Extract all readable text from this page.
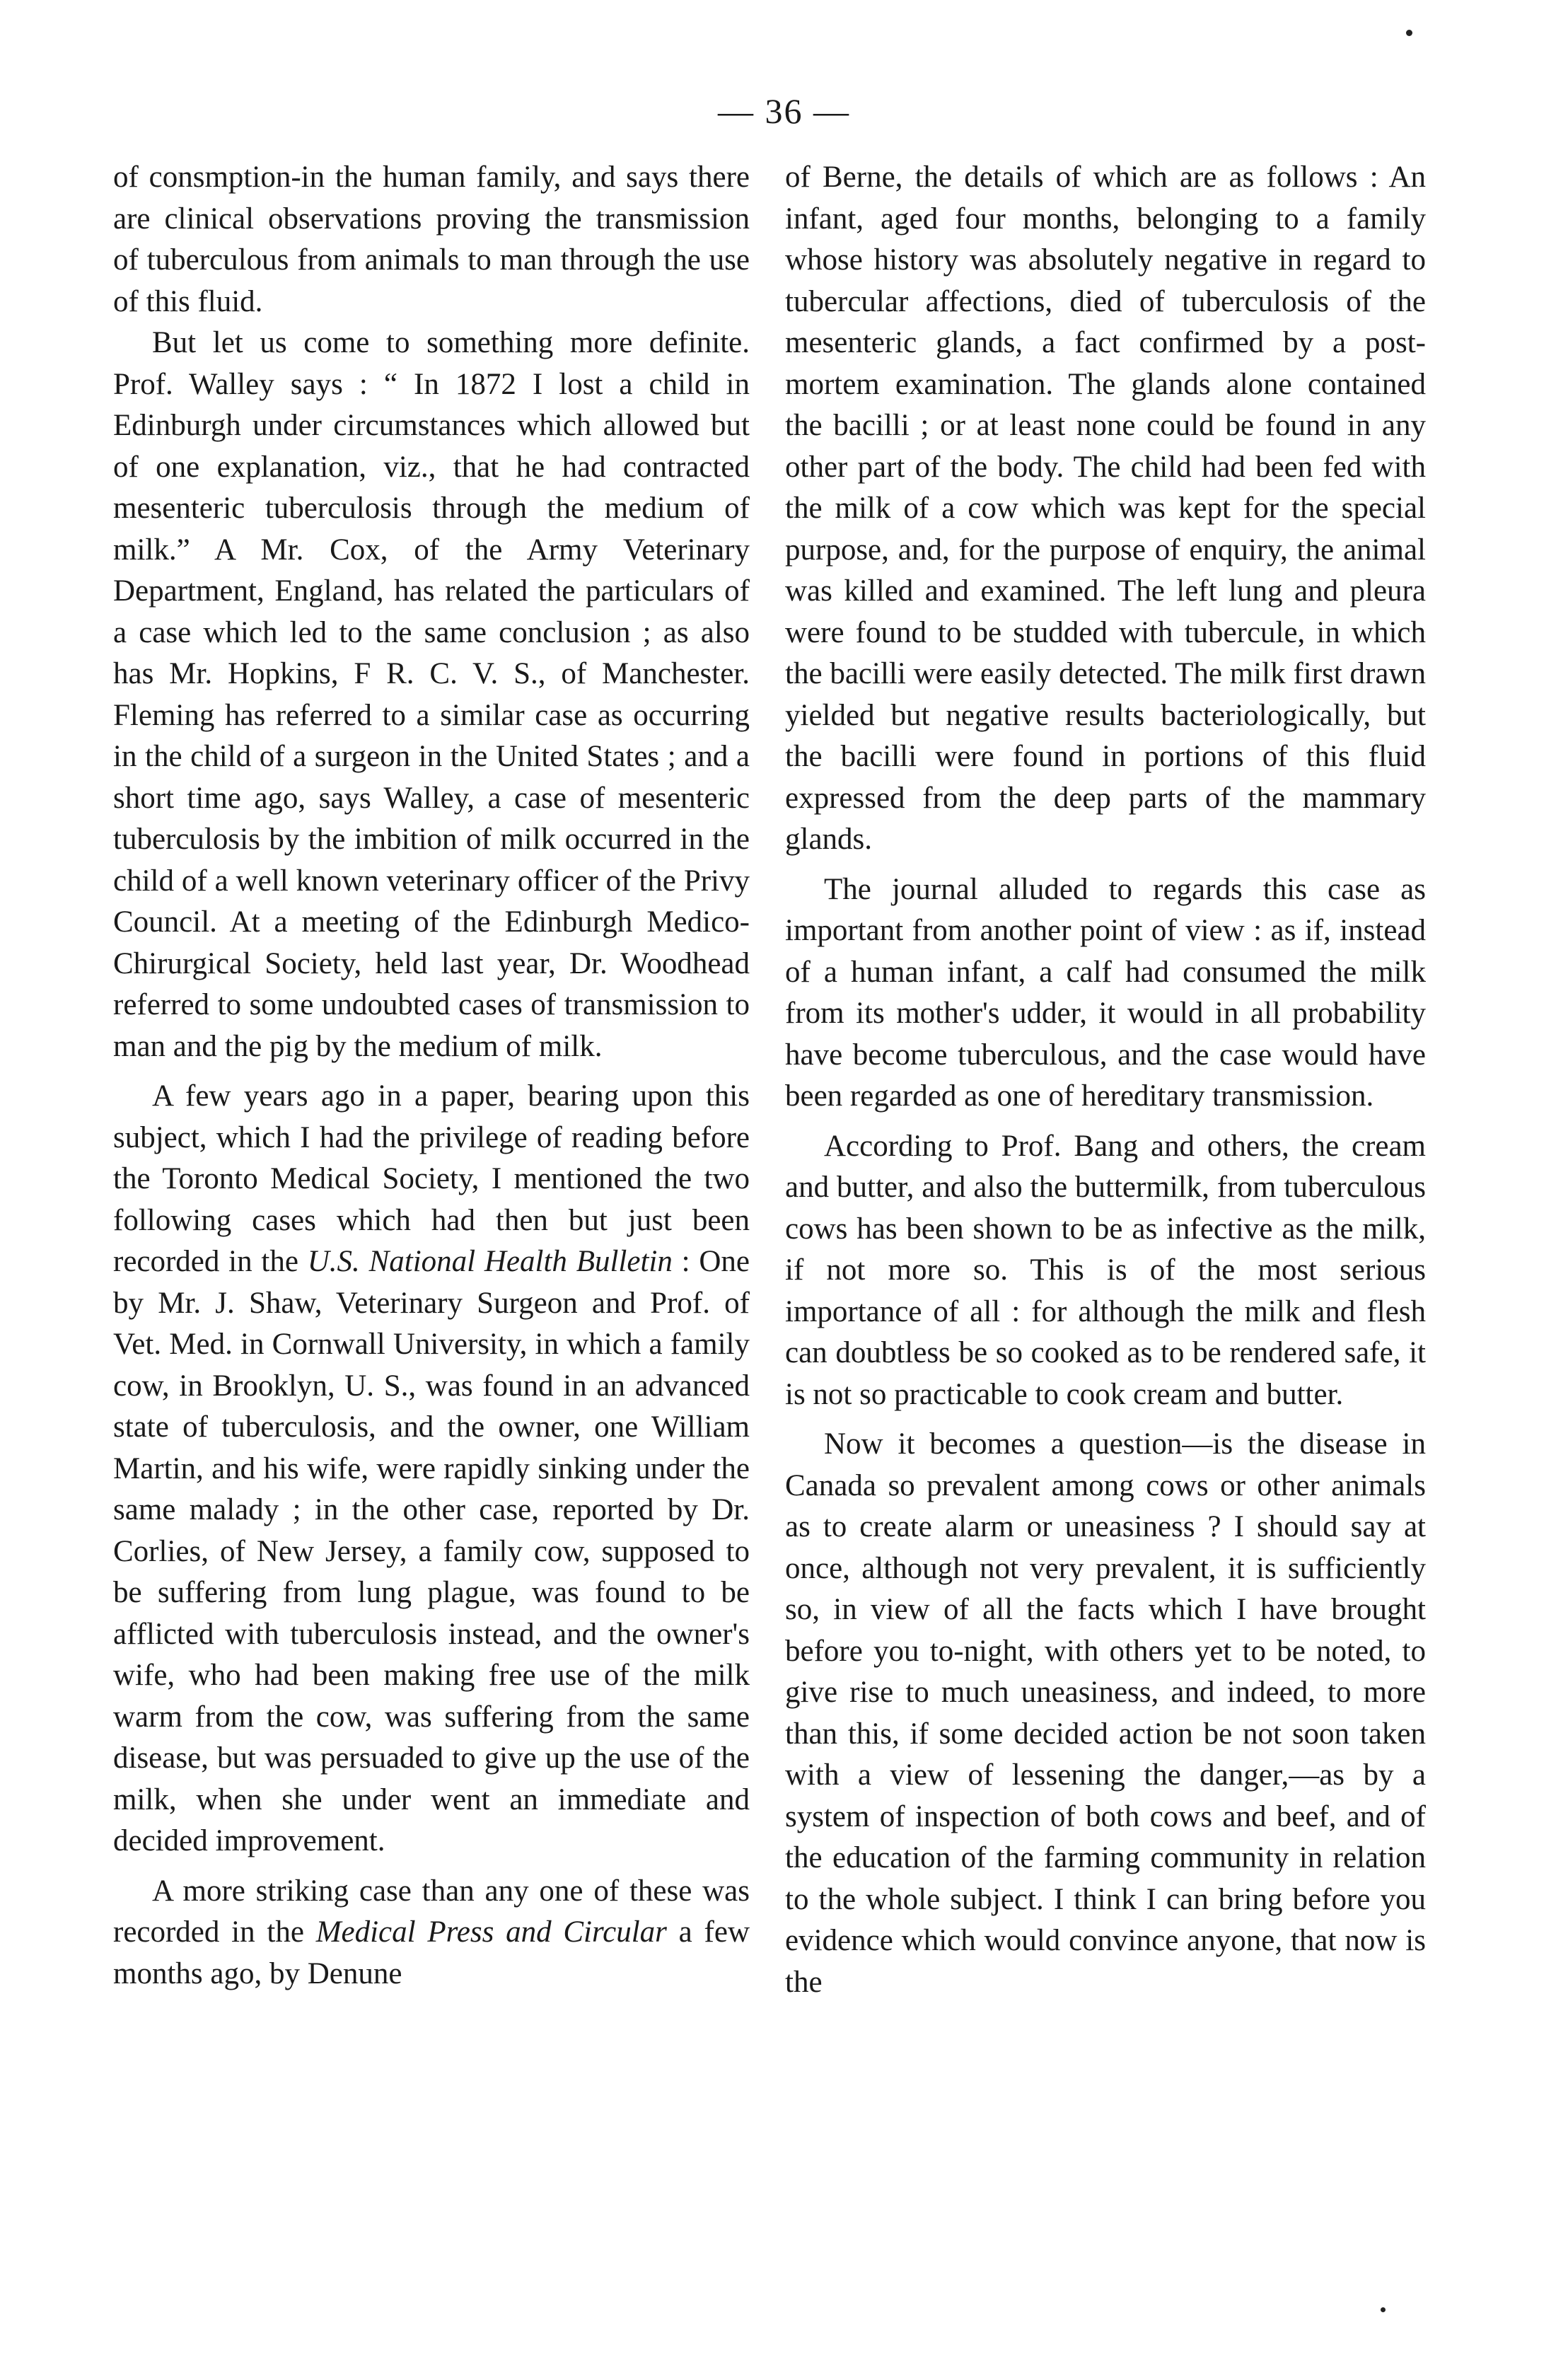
— 36 —

of consmption-in the human family, and says there are clinical observations proving the transmission of tuberculous from animals to man through the use of this fluid.

But let us come to something more definite. Prof. Walley says : “ In 1872 I lost a child in Edinburgh under circumstances which allowed but of one explanation, viz., that he had contracted mesenteric tuberculosis through the medium of milk.” A Mr. Cox, of the Army Veterinary Department, England, has related the particulars of a case which led to the same conclusion ; as also has Mr. Hopkins, F R. C. V. S., of Manchester. Fleming has referred to a similar case as occurring in the child of a surgeon in the United States ; and a short time ago, says Walley, a case of mesenteric tuberculosis by the imbition of milk occurred in the child of a well known veterinary officer of the Privy Council. At a meeting of the Edinburgh Medico-Chirurgical Society, held last year, Dr. Woodhead referred to some undoubted cases of transmission to man and the pig by the medium of milk.

A few years ago in a paper, bearing upon this subject, which I had the privilege of reading before the Toronto Medical Society, I mentioned the two following cases which had then but just been recorded in the U.S. National Health Bulletin : One by Mr. J. Shaw, Veterinary Surgeon and Prof. of Vet. Med. in Cornwall University, in which a family cow, in Brooklyn, U. S., was found in an advanced state of tuberculosis, and the owner, one William Martin, and his wife, were rapidly sinking under the same malady ; in the other case, reported by Dr. Corlies, of New Jersey, a family cow, supposed to be suffering from lung plague, was found to be afflicted with tuberculosis instead, and the owner's wife, who had been making free use of the milk warm from the cow, was suffering from the same disease, but was persuaded to give up the use of the milk, when she under went an immediate and decided improvement.

A more striking case than any one of these was recorded in the Medical Press and Circular a few months ago, by Denune

of Berne, the details of which are as follows : An infant, aged four months, belonging to a family whose history was absolutely negative in regard to tubercular affections, died of tuberculosis of the mesenteric glands, a fact confirmed by a post-mortem examination. The glands alone contained the bacilli ; or at least none could be found in any other part of the body. The child had been fed with the milk of a cow which was kept for the special purpose, and, for the purpose of enquiry, the animal was killed and examined. The left lung and pleura were found to be studded with tubercule, in which the bacilli were easily detected. The milk first drawn yielded but negative results bacteriologically, but the bacilli were found in portions of this fluid expressed from the deep parts of the mammary glands.

The journal alluded to regards this case as important from another point of view : as if, instead of a human infant, a calf had consumed the milk from its mother's udder, it would in all probability have become tuberculous, and the case would have been regarded as one of hereditary transmission.

According to Prof. Bang and others, the cream and butter, and also the buttermilk, from tuberculous cows has been shown to be as infective as the milk, if not more so. This is of the most serious importance of all : for although the milk and flesh can doubtless be so cooked as to be rendered safe, it is not so practicable to cook cream and butter.

Now it becomes a question—is the disease in Canada so prevalent among cows or other animals as to create alarm or uneasiness ? I should say at once, although not very prevalent, it is sufficiently so, in view of all the facts which I have brought before you to-night, with others yet to be noted, to give rise to much uneasiness, and indeed, to more than this, if some decided action be not soon taken with a view of lessening the danger,—as by a system of inspection of both cows and beef, and of the education of the farming community in relation to the whole subject. I think I can bring before you evidence which would convince anyone, that now is the
